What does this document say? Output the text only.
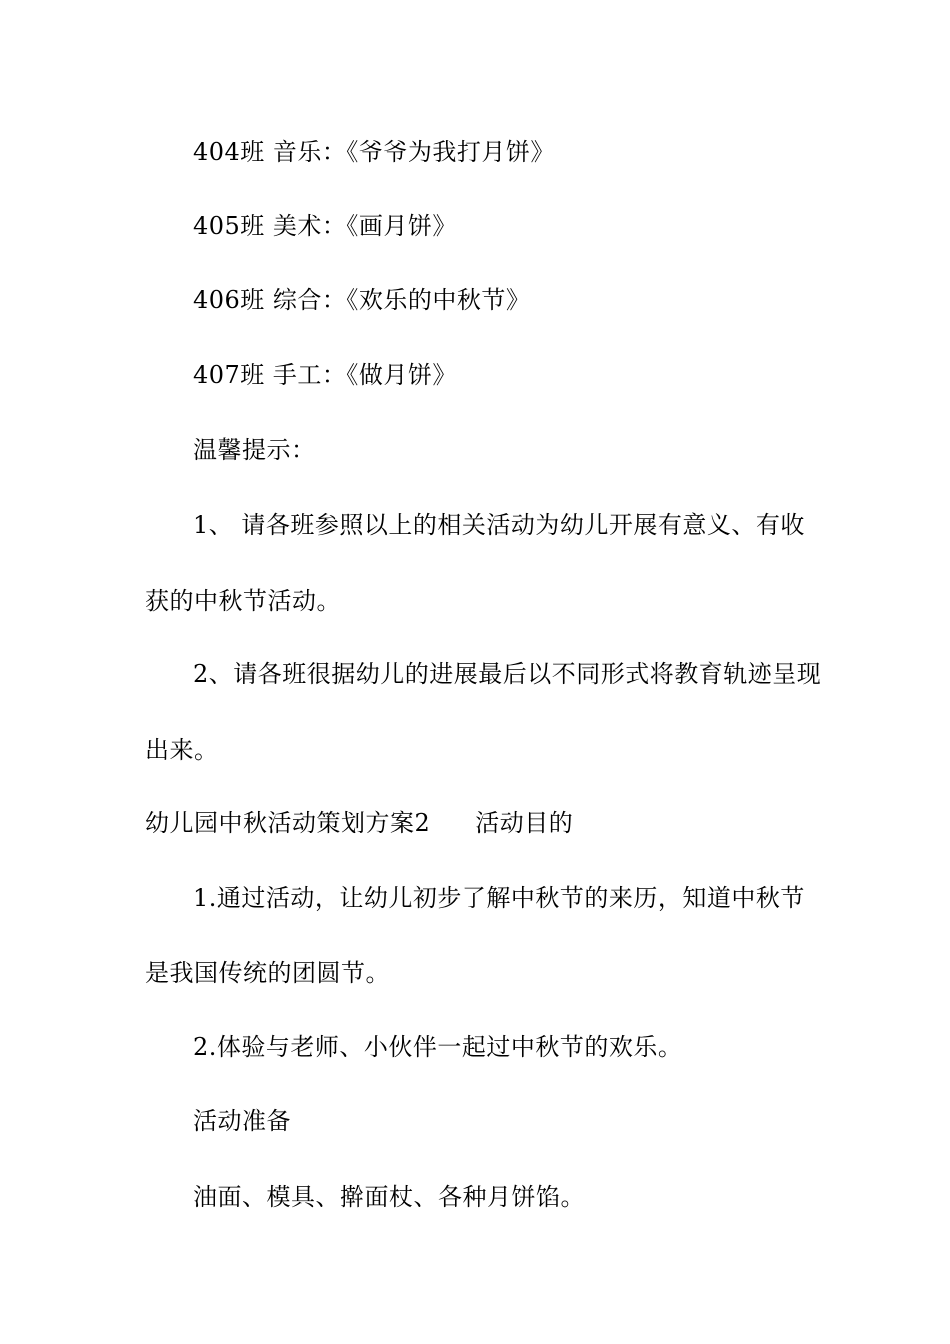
404班 音乐：《爷爷为我打月饼》
405班 美术：《画月饼》
406班 综合：《欢乐的中秋节》
407班 手工：《做月饼》
温馨提示：
1、 请各班参照以上的相关活动为幼儿开展有意义、有收
获的中秋节活动。
2、请各班很据幼儿的进展最后以不同形式将教育轨迹呈现
出来。
幼儿园中秋活动策划方案2 活动目的
1.通过活动，让幼儿初步了解中秋节的来历，知道中秋节
是我国传统的团圆节。
2.体验与老师、小伙伴一起过中秋节的欢乐。
活动准备
油面、模具、擀面杖、各种月饼馅。
